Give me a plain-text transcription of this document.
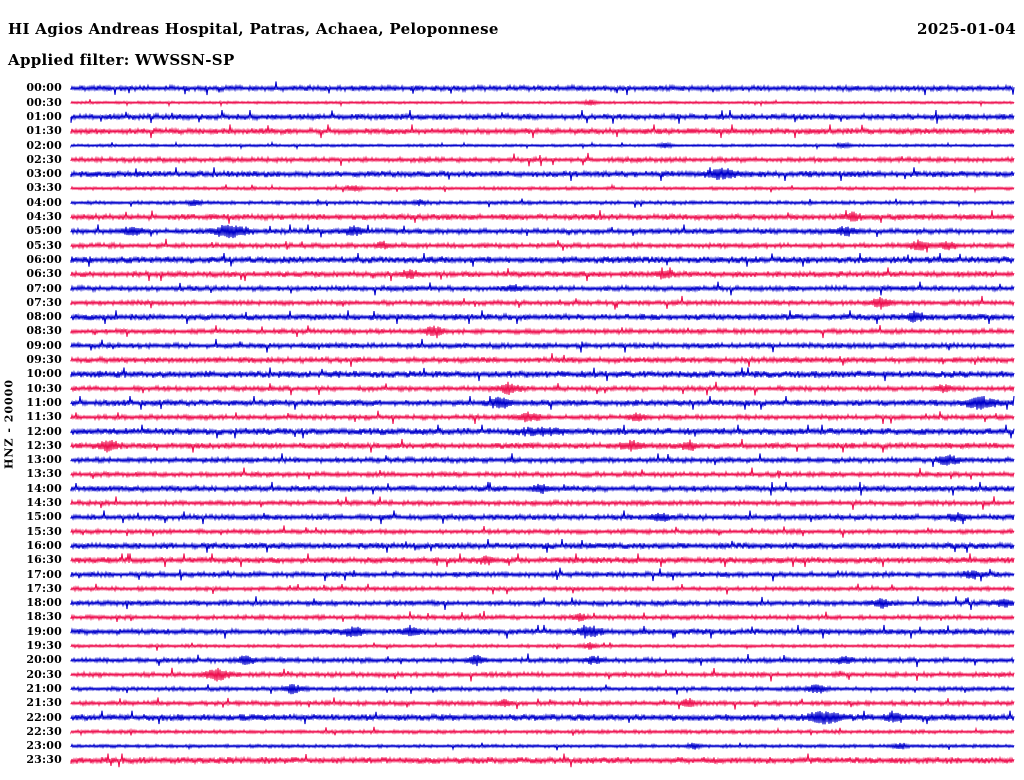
HI Agios Andreas Hospital, Patras, Achaea, Peloponnese	2025-01-04
Applied filter: WWSSN-SP
HNZ - 20000
00:00
00:30
01:00
01:30
02:00
02:30
03:00
03:30
04:00
04:30
05:00
05:30
06:00
06:30
07:00
07:30
08:00
08:30
09:00
09:30
10:00
10:30
11:00
11:30
12:00
12:30
13:00
13:30
14:00
14:30
15:00
15:30
16:00
16:30
17:00
17:30
18:00
18:30
19:00
19:30
20:00
20:30
21:00
21:30
22:00
22:30
23:00
23:30
